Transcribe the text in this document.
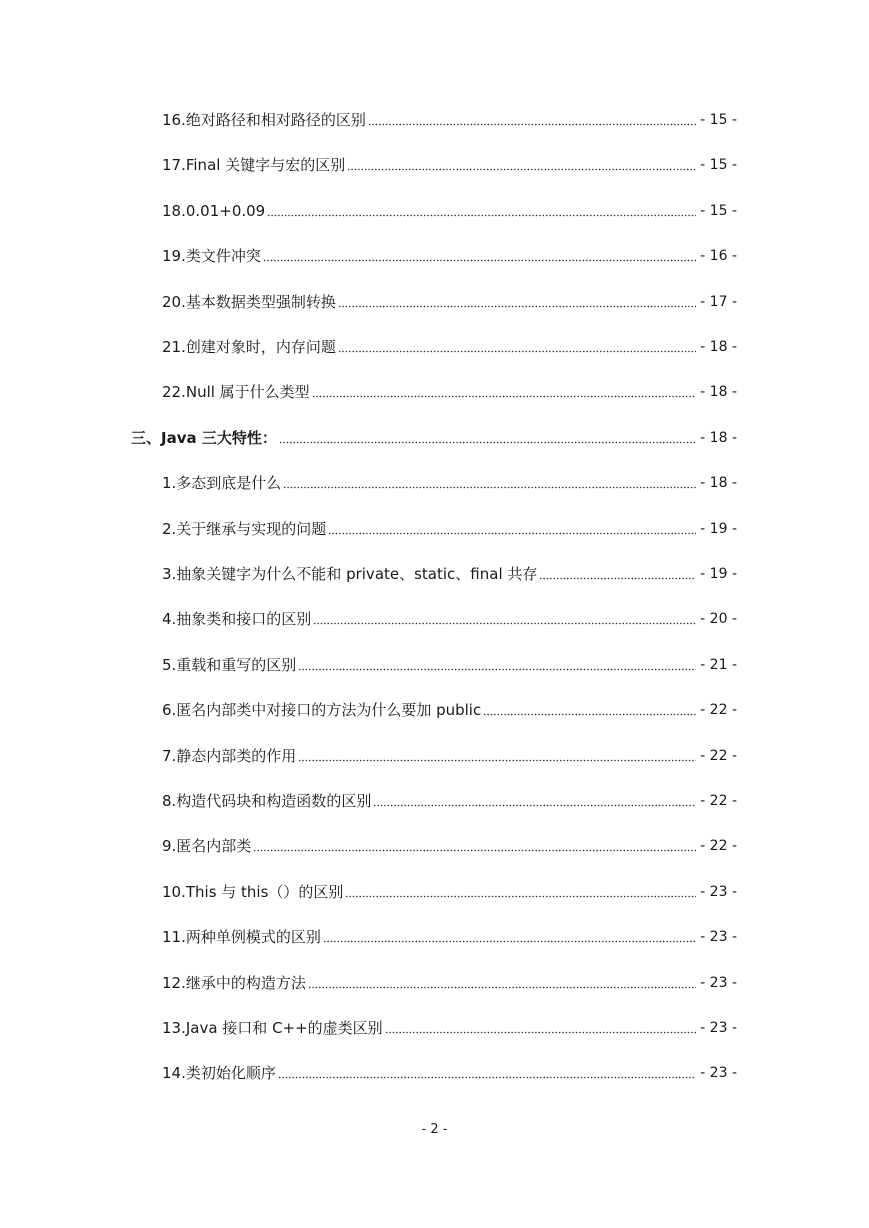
16.绝对路径和相对路径的区别	- 15 -
17.Final 关键字与宏的区别	- 15 -
18.0.01+0.09	- 15 -
19.类文件冲突	- 16 -
20.基本数据类型强制转换	- 17 -
21.创建对象时，内存问题	- 18 -
22.Null 属于什么类型	- 18 -
三、Java 三大特性：	- 18 -
1.多态到底是什么	- 18 -
2.关于继承与实现的问题	- 19 -
3.抽象关键字为什么不能和 private、static、final 共存	- 19 -
4.抽象类和接口的区别	- 20 -
5.重载和重写的区别	- 21 -
6.匿名内部类中对接口的方法为什么要加 public	- 22 -
7.静态内部类的作用	- 22 -
8.构造代码块和构造函数的区别	- 22 -
9.匿名内部类	- 22 -
10.This 与 this（）的区别	- 23 -
11.两种单例模式的区别	- 23 -
12.继承中的构造方法	- 23 -
13.Java 接口和 C++的虚类区别	- 23 -
14.类初始化顺序	- 23 -
- 2 -
